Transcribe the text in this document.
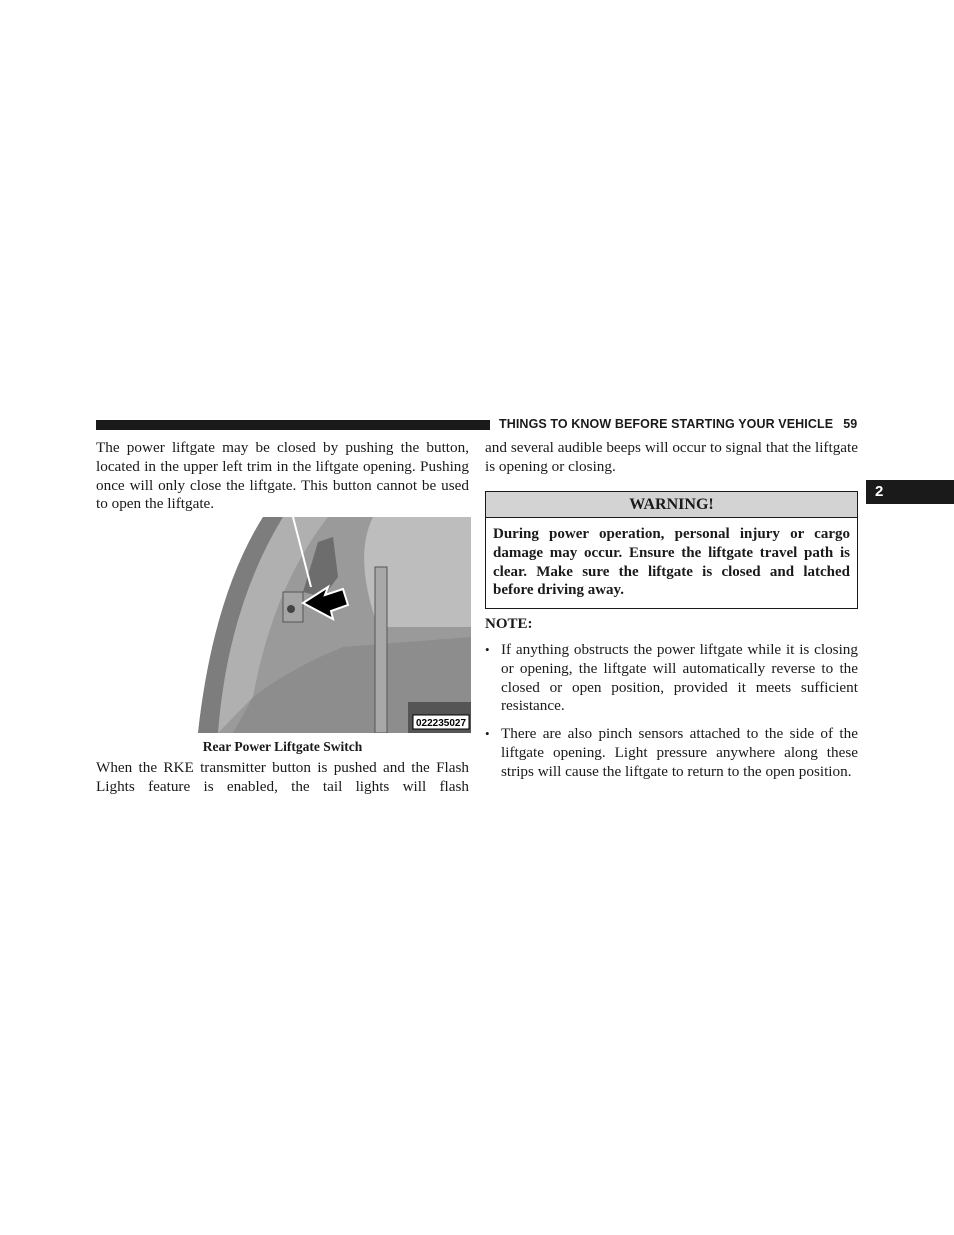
THINGS TO KNOW BEFORE STARTING YOUR VEHICLE 59
2
The power liftgate may be closed by pushing the button, located in the upper left trim in the liftgate opening. Pushing once will only close the liftgate. This button cannot be used to open the liftgate.
022235027
Rear Power Liftgate Switch
When the RKE transmitter button is pushed and the Flash Lights feature is enabled, the tail lights will flash
and several audible beeps will occur to signal that the liftgate is opening or closing.
WARNING!
During power operation, personal injury or cargo damage may occur. Ensure the liftgate travel path is clear. Make sure the liftgate is closed and latched before driving away.
NOTE:
• If anything obstructs the power liftgate while it is closing or opening, the liftgate will automatically reverse to the closed or open position, provided it meets sufficient resistance.
• There are also pinch sensors attached to the side of the liftgate opening. Light pressure anywhere along these strips will cause the liftgate to return to the open position.
